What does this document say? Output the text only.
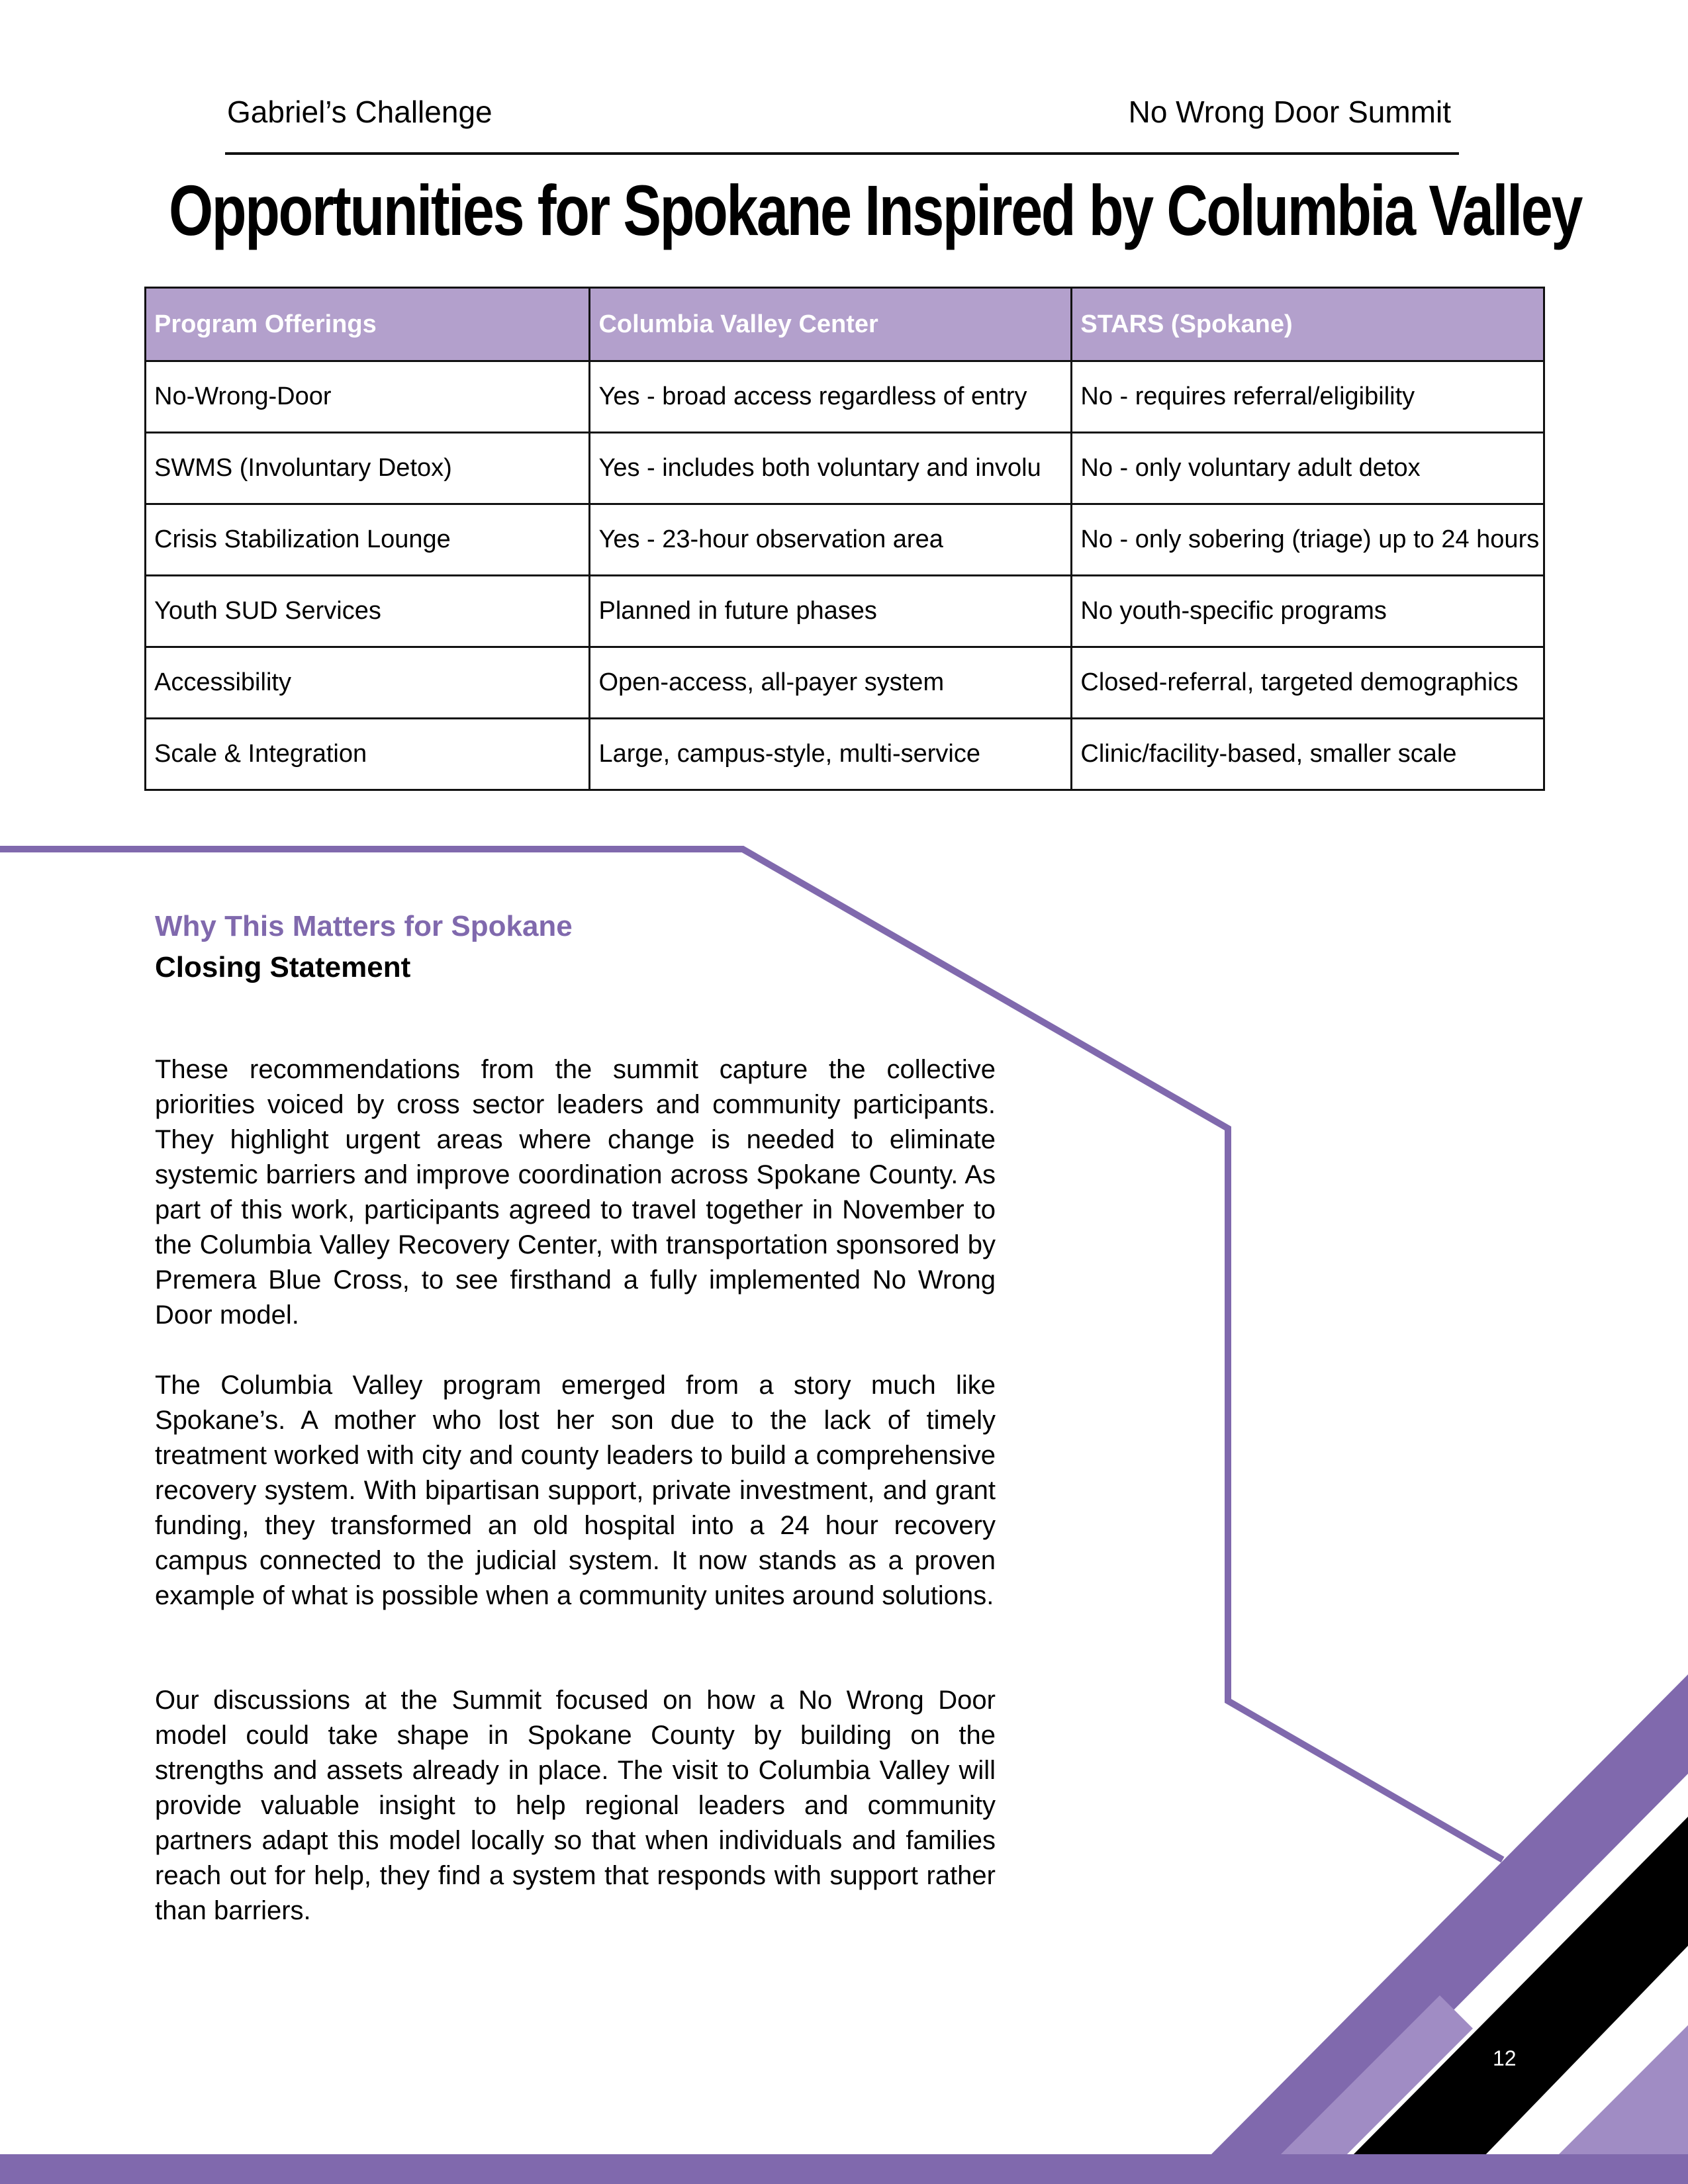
Gabriel’s Challenge	No Wrong Door Summit
Opportunities for Spokane Inspired by Columbia Valley
Program Offerings	Columbia Valley Center	STARS (Spokane)
No-Wrong-Door	Yes - broad access regardless of entry	No - requires referral/eligibility
SWMS (Involuntary Detox)	Yes - includes both voluntary and involu	No - only voluntary adult detox
Crisis Stabilization Lounge	Yes - 23-hour observation area	No - only sobering (triage) up to 24 hours
Youth SUD Services	Planned in future phases	No youth-specific programs
Accessibility	Open-access, all-payer system	Closed-referral, targeted demographics
Scale & Integration	Large, campus-style, multi-service	Clinic/facility-based, smaller scale
Why This Matters for Spokane
Closing Statement
These recommendations from the summit capture the collective priorities voiced by cross sector leaders and community participants. They highlight urgent areas where change is needed to eliminate systemic barriers and improve coordination across Spokane County. As part of this work, participants agreed to travel together in November to the Columbia Valley Recovery Center, with transportation sponsored by Premera Blue Cross, to see firsthand a fully implemented No Wrong Door model.
The Columbia Valley program emerged from a story much like Spokane’s. A mother who lost her son due to the lack of timely treatment worked with city and county leaders to build a comprehensive recovery system. With bipartisan support, private investment, and grant funding, they transformed an old hospital into a 24 hour recovery campus connected to the judicial system. It now stands as a proven example of what is possible when a community unites around solutions.
Our discussions at the Summit focused on how a No Wrong Door model could take shape in Spokane County by building on the strengths and assets already in place. The visit to Columbia Valley will provide valuable insight to help regional leaders and community partners adapt this model locally so that when individuals and families reach out for help, they find a system that responds with support rather than barriers.
12
